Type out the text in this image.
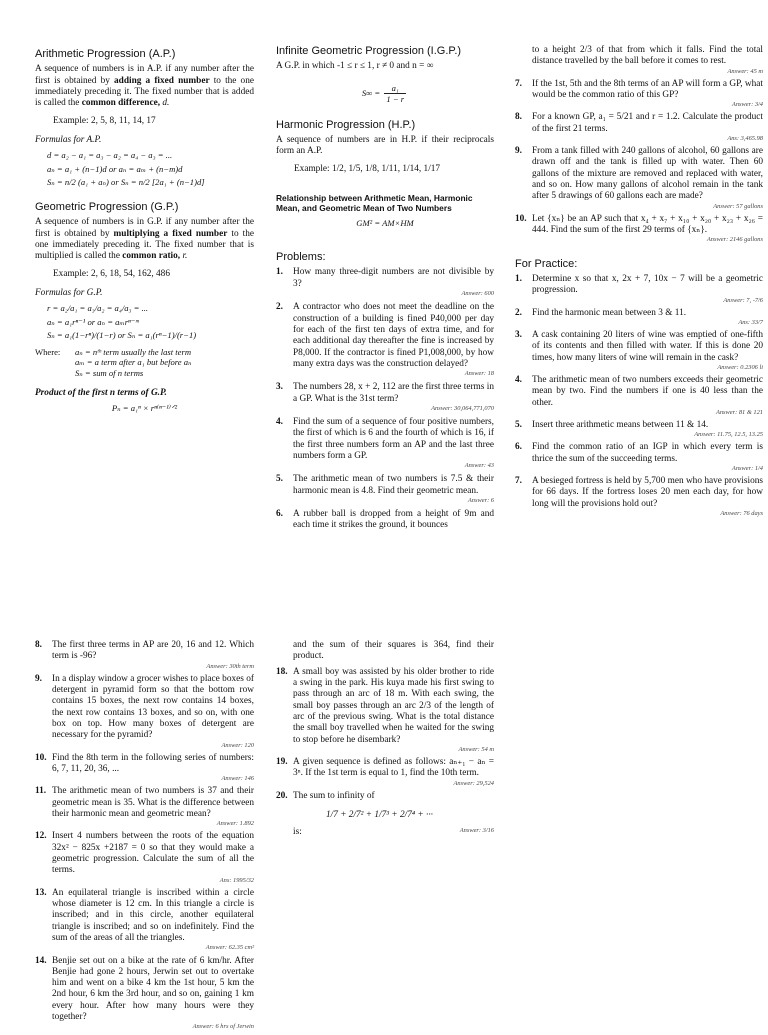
Arithmetic Progression (A.P.)

A sequence of numbers is in A.P. if any number after the first is obtained by adding a fixed number to the one immediately preceding it. The fixed number that is added is called the common difference, d.

Example: 2, 5, 8, 11, 14, 17
Formulas for A.P.
d = a₂ − a₁ = a₃ − a₂ = a₄ − a₃ = ...
aₙ = a₁ + (n−1)d or aₙ = aₘ + (n−m)d
Sₙ = n/2 (a₁ + aₙ) or Sₙ = n/2 [2a₁ + (n−1)d]
Geometric Progression (G.P.)

A sequence of numbers is in G.P. if any number after the first is obtained by multiplying a fixed number to the one immediately preceding it. The fixed number that is multiplied is called the common ratio, r.

Example: 2, 6, 18, 54, 162, 486
Formulas for G.P.
r = a₂/a₁ = a₃/a₂ = a₄/a₃ = ...
aₙ = a₁rⁿ⁻¹ or aₙ = aₘrⁿ⁻ᵐ
Sₙ = a₁(1−rⁿ)/(1−r) or Sₙ = a₁(rⁿ−1)/(r−1)
Where: aₙ = nᵗʰ term usually the last term
aₘ = a term after a₁ but before aₙ
Sₙ = sum of n terms
Product of the first n terms of G.P.
Pₙ = a₁ⁿ × rⁿ⁽ⁿ⁻¹⁾ᐟ²
Infinite Geometric Progression (I.G.P.)

A G.P. in which -1 ≤ r ≤ 1, r ≠ 0 and n = ∞

$S\infty = \frac{\text{a₁}}{1 - r}$
Harmonic Progression (H.P.)

A sequence of numbers are in H.P. if their reciprocals form an A.P.

Example: 1/2, 1/5, 1/8, 1/11, 1/14, 1/17
Relationship between Arithmetic Mean, Harmonic Mean, and Geometric Mean of Two Numbers
GM² = AM×HM
Problems:
1. How many three-digit numbers are not divisible by 3?
Answer: 600
2. A contractor who does not meet the deadline on the construction of a building is fined P40,000 per day for each of the first ten days of extra time, and for each additional day thereafter the fine is increased by P8,000. If the contractor is fined P1,008,000, by how many extra days was the construction delayed?
Answer: 18
3. The numbers 28, x + 2, 112 are the first three terms in a GP. What is the 31st term?
Answer: 30,064,771,070
4. Find the sum of a sequence of four positive numbers, the first of which is 6 and the fourth of which is 16, if the first three numbers form an AP and the last three numbers form a GP.
Answer: 43
5. The arithmetic mean of two numbers is 7.5 & their harmonic mean is 4.8. Find their geometric mean.
Answer: 6
6. A rubber ball is dropped from a height of 9m and each time it strikes the ground, it bounces
to a height 2/3 of that from which it falls. Find the total distance travelled by the ball before it comes to rest.
Answer: 45 m
7. If the 1st, 5th and the 8th terms of an AP will form a GP, what would be the common ratio of this GP?
Answer: 3/4
8. For a known GP, a₁ = 5/21 and r = 1.2. Calculate the product of the first 21 terms.
Ans: 3,465.98
9. From a tank filled with 240 gallons of alcohol, 60 gallons are drawn off and the tank is filled up with water. Then 60 gallons of the mixture are removed and replaced with water, and so on. How many gallons of alcohol remain in the tank after 5 drawings of 60 gallons each are made?
Answer: 57 gallons
10. Let {xₙ} be an AP such that x₄ + x₇ + x₁₀ + x₂₀ + x₂₃ + x₂₆ = 444. Find the sum of the first 29 terms of {xₙ}.
Answer: 2146 gallons
For Practice:
1. Determine x so that x, 2x + 7, 10x − 7 will be a geometric progression.
Answer: 7, -7/6
2. Find the harmonic mean between 3 & 11.
Ans: 33/7
3. A cask containing 20 liters of wine was emptied of one-fifth of its contents and then filled with water. If this is done 20 times, how many liters of wine will remain in the cask?
Answer: 0.2306 li
4. The arithmetic mean of two numbers exceeds their geometric mean by two. Find the numbers if one is 40 less than the other.
Answer: 81 & 121
5. Insert three arithmetic means between 11 & 14.
Answer: 11.75, 12.5, 13.25
6. Find the common ratio of an IGP in which every term is thrice the sum of the succeeding terms.
Answer: 1/4
7. A besieged fortress is held by 5,700 men who have provisions for 66 days. If the fortress loses 20 men each day, for how long will the provisions hold out?
Answer: 76 days
8. The first three terms in AP are 20, 16 and 12. Which term is -96?
Answer: 30th term
9. In a display window a grocer wishes to place boxes of detergent in pyramid form so that the bottom row contains 15 boxes, the next row contains 14 boxes, the next row contains 13 boxes, and so on, with one box on top. How many boxes of detergent are necessary for the pyramid?
Answer: 120
10. Find the 8th term in the following series of numbers: 6, 7, 11, 20, 36, ...
Answer: 146
11. The arithmetic mean of two numbers is 37 and their geometric mean is 35. What is the difference between their harmonic mean and geometric mean?
Answer: 1.892
12. Insert 4 numbers between the roots of the equation 32x² − 825x +2187 = 0 so that they would make a geometric progression. Calculate the sum of all the terms.
Ans: 1995/32
13. An equilateral triangle is inscribed within a circle whose diameter is 12 cm. In this triangle a circle is inscribed; and in this circle, another equilateral triangle is inscribed; and so on indefinitely. Find the sum of the areas of all the triangles.
Answer: 62.35 cm²
14. Benjie set out on a bike at the rate of 6 km/hr. After Benjie had gone 2 hours, Jerwin set out to overtake him and went on a bike 4 km the 1st hour, 5 km the 2nd hour, 6 km the 3rd hour, and so on, gaining 1 km every hour. After how many hours were they together?
Answer: 6 hrs of Jerwin
and the sum of their squares is 364, find their product.
18. A small boy was assisted by his older brother to ride a swing in the park. His kuya made his first swing to pass through an arc of 18 m. With each swing, the small boy passes through an arc 2/3 of the length of arc of the previous swing. What is the total distance the small boy travelled when he waited for the swing to stop before he disembark?
Answer: 54 m
19. A given sequence is defined as follows: aₙ₊₁ − aₙ = 3ⁿ. If the 1st term is equal to 1, find the 10th term.
Answer: 29,524
20. The sum to infinity of
1/7 + 2/7² + 1/7³ + 2/7⁴ + ···
is:	Answer: 3/16
